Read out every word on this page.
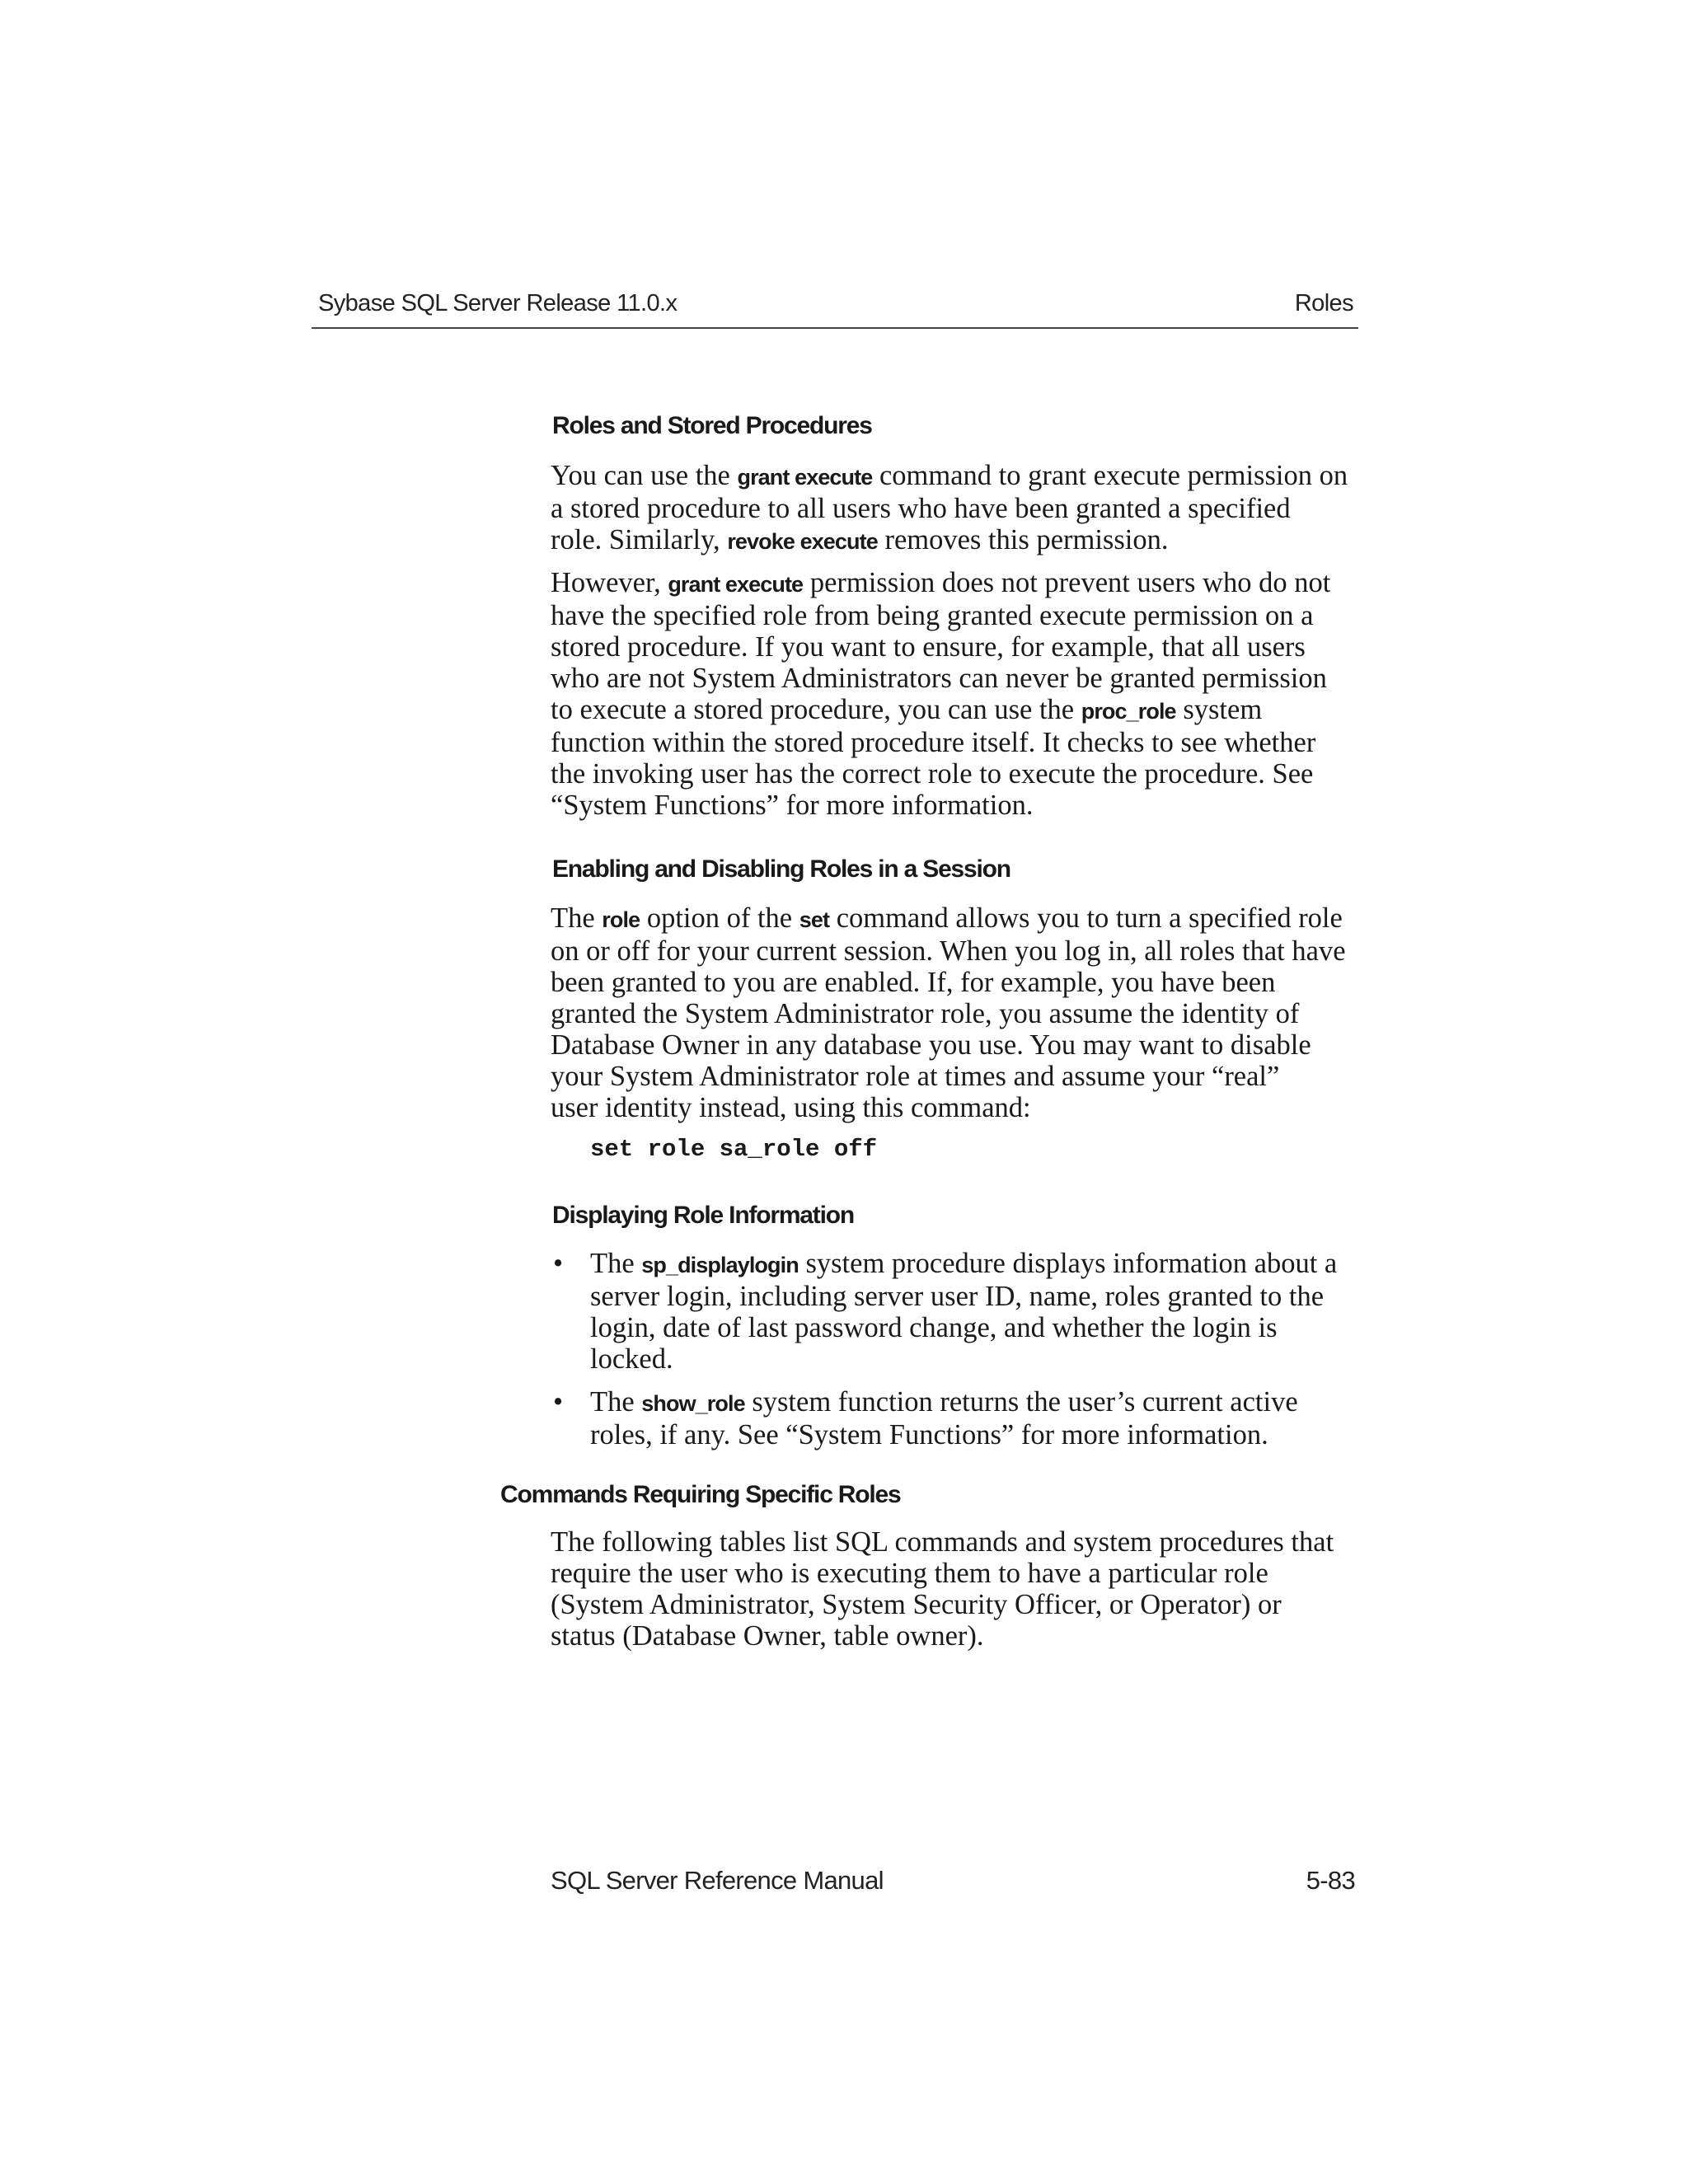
Sybase SQL Server Release 11.0.x	Roles
Roles and Stored Procedures
You can use the grant execute command to grant execute permission on
a stored procedure to all users who have been granted a specified
role. Similarly, revoke execute removes this permission.
However, grant execute permission does not prevent users who do not
have the specified role from being granted execute permission on a
stored procedure. If you want to ensure, for example, that all users
who are not System Administrators can never be granted permission
to execute a stored procedure, you can use the proc_role system
function within the stored procedure itself. It checks to see whether
the invoking user has the correct role to execute the procedure. See
“System Functions” for more information.
Enabling and Disabling Roles in a Session
The role option of the set command allows you to turn a specified role
on or off for your current session. When you log in, all roles that have
been granted to you are enabled. If, for example, you have been
granted the System Administrator role, you assume the identity of
Database Owner in any database you use. You may want to disable
your System Administrator role at times and assume your “real”
user identity instead, using this command:
set role sa_role off
Displaying Role Information
• The sp_displaylogin system procedure displays information about a
server login, including server user ID, name, roles granted to the
login, date of last password change, and whether the login is
locked.
• The show_role system function returns the user’s current active
roles, if any. See “System Functions” for more information.
Commands Requiring Specific Roles
The following tables list SQL commands and system procedures that
require the user who is executing them to have a particular role
(System Administrator, System Security Officer, or Operator) or
status (Database Owner, table owner).
SQL Server Reference Manual	5-83
